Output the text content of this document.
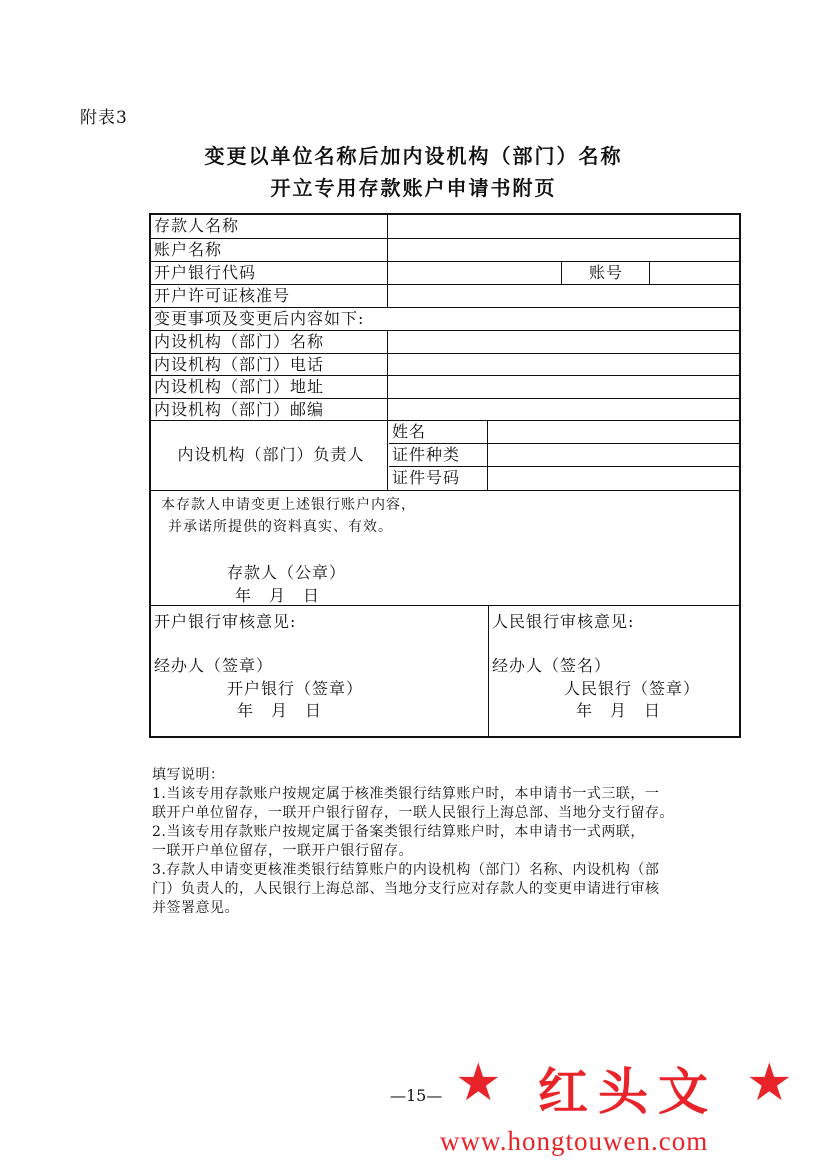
附表3
变更以单位名称后加内设机构（部门）名称
开立专用存款账户申请书附页
存款人名称
账户名称
开户银行代码	账号
开户许可证核准号
变更事项及变更后内容如下:
内设机构（部门）名称
内设机构（部门）电话
内设机构（部门）地址
内设机构（部门）邮编
内设机构（部门）负责人
姓名
证件种类
证件号码
本存款人申请变更上述银行账户内容，
并承诺所提供的资料真实、有效。
存款人（公章）
年　月　日
开户银行审核意见:
经办人（签章）
开户银行（签章）
年　月　日
人民银行审核意见:
经办人（签名）
人民银行（签章）
年　月　日
填写说明：
1.当该专用存款账户按规定属于核准类银行结算账户时，本申请书一式三联，一
联开户单位留存，一联开户银行留存，一联人民银行上海总部、当地分支行留存。
2.当该专用存款账户按规定属于备案类银行结算账户时，本申请书一式两联，
一联开户单位留存，一联开户银行留存。
3.存款人申请变更核准类银行结算账户的内设机构（部门）名称、内设机构（部
门）负责人的，人民银行上海总部、当地分支行应对存款人的变更申请进行审核
并签署意见。
—15— ★ 红头文 ★
www.hongtouwen.com
